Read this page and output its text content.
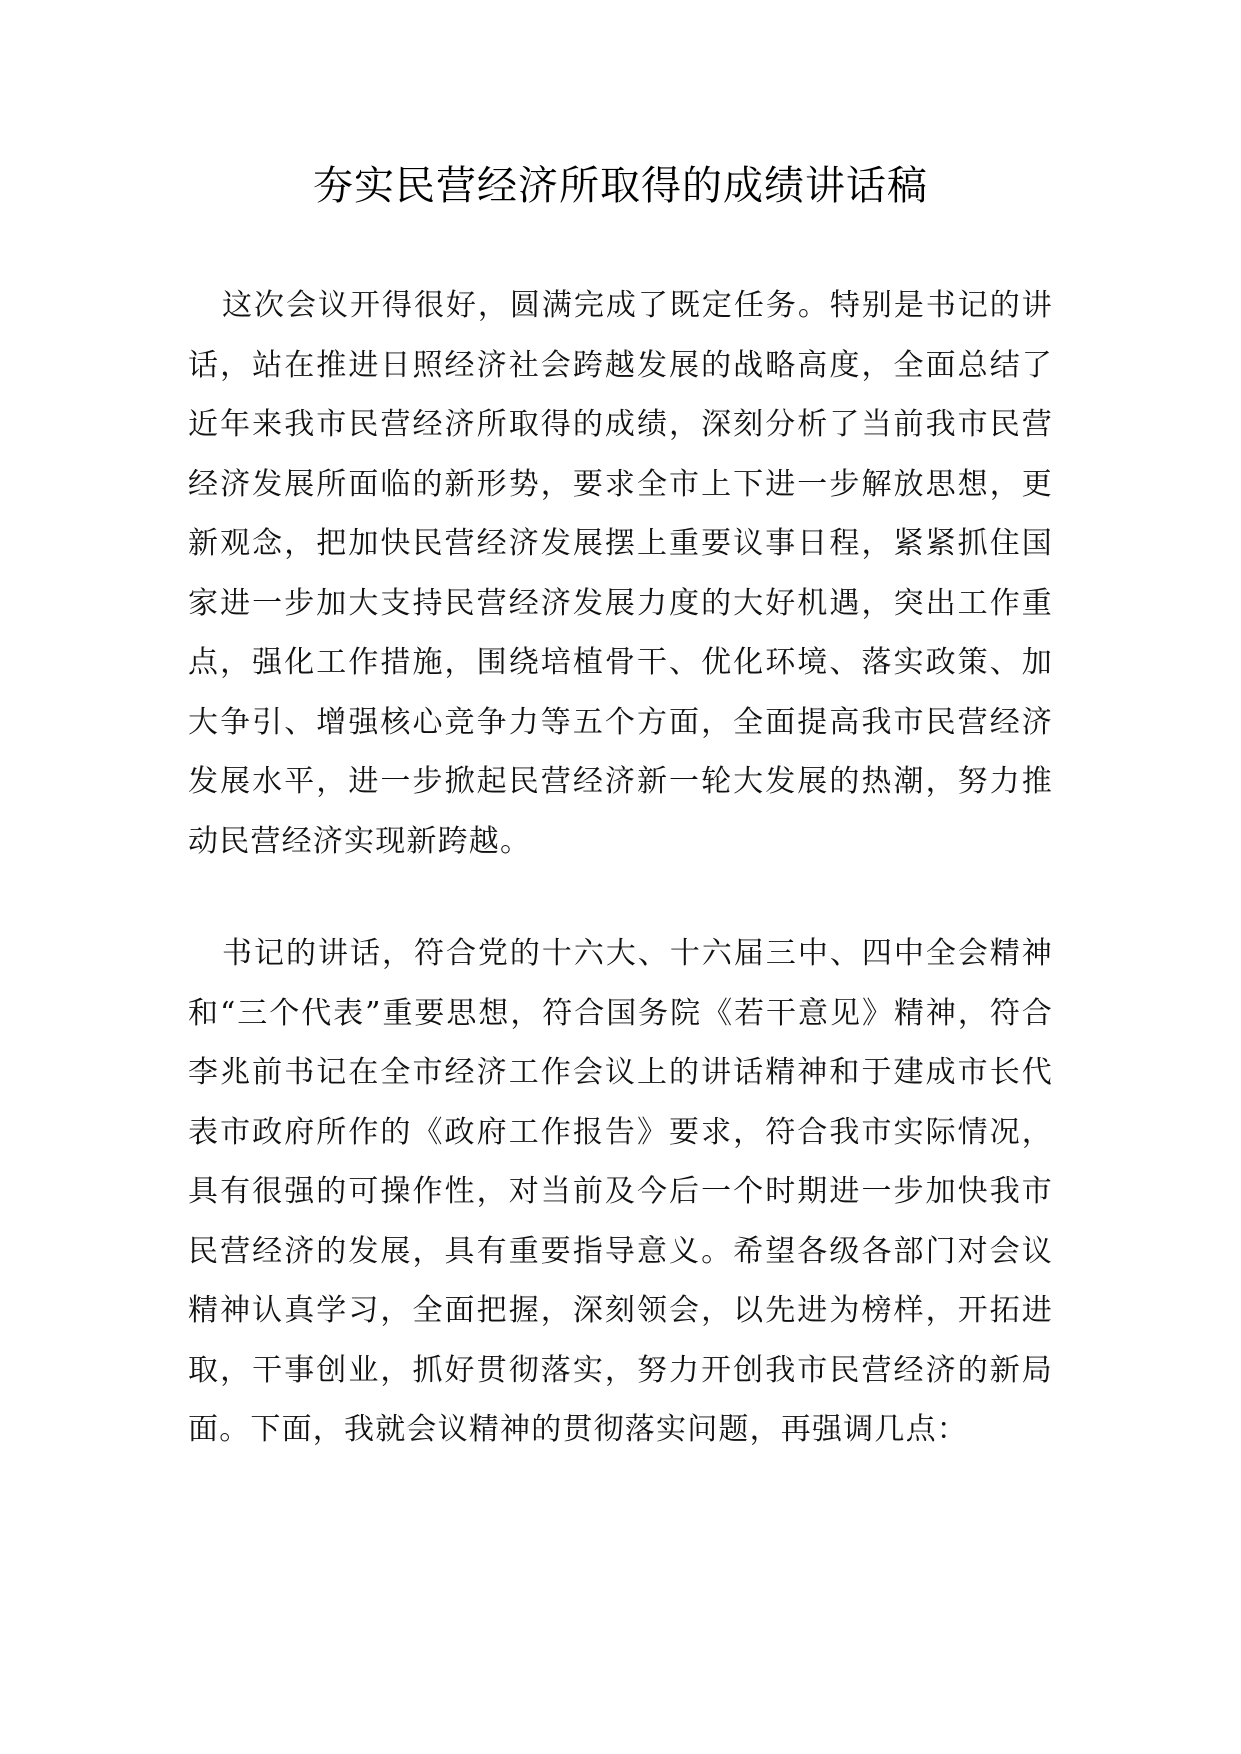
夯实民营经济所取得的成绩讲话稿

这次会议开得很好，圆满完成了既定任务。特别是书记的讲话，站在推进日照经济社会跨越发展的战略高度，全面总结了近年来我市民营经济所取得的成绩，深刻分析了当前我市民营经济发展所面临的新形势，要求全市上下进一步解放思想，更新观念，把加快民营经济发展摆上重要议事日程，紧紧抓住国家进一步加大支持民营经济发展力度的大好机遇，突出工作重点，强化工作措施，围绕培植骨干、优化环境、落实政策、加大争引、增强核心竞争力等五个方面，全面提高我市民营经济发展水平，进一步掀起民营经济新一轮大发展的热潮，努力推动民营经济实现新跨越。

书记的讲话，符合党的十六大、十六届三中、四中全会精神和“三个代表”重要思想，符合国务院《若干意见》精神，符合李兆前书记在全市经济工作会议上的讲话精神和于建成市长代表市政府所作的《政府工作报告》要求，符合我市实际情况，具有很强的可操作性，对当前及今后一个时期进一步加快我市民营经济的发展，具有重要指导意义。希望各级各部门对会议精神认真学习，全面把握，深刻领会，以先进为榜样，开拓进取，干事创业，抓好贯彻落实，努力开创我市民营经济的新局面。下面，我就会议精神的贯彻落实问题，再强调几点：
